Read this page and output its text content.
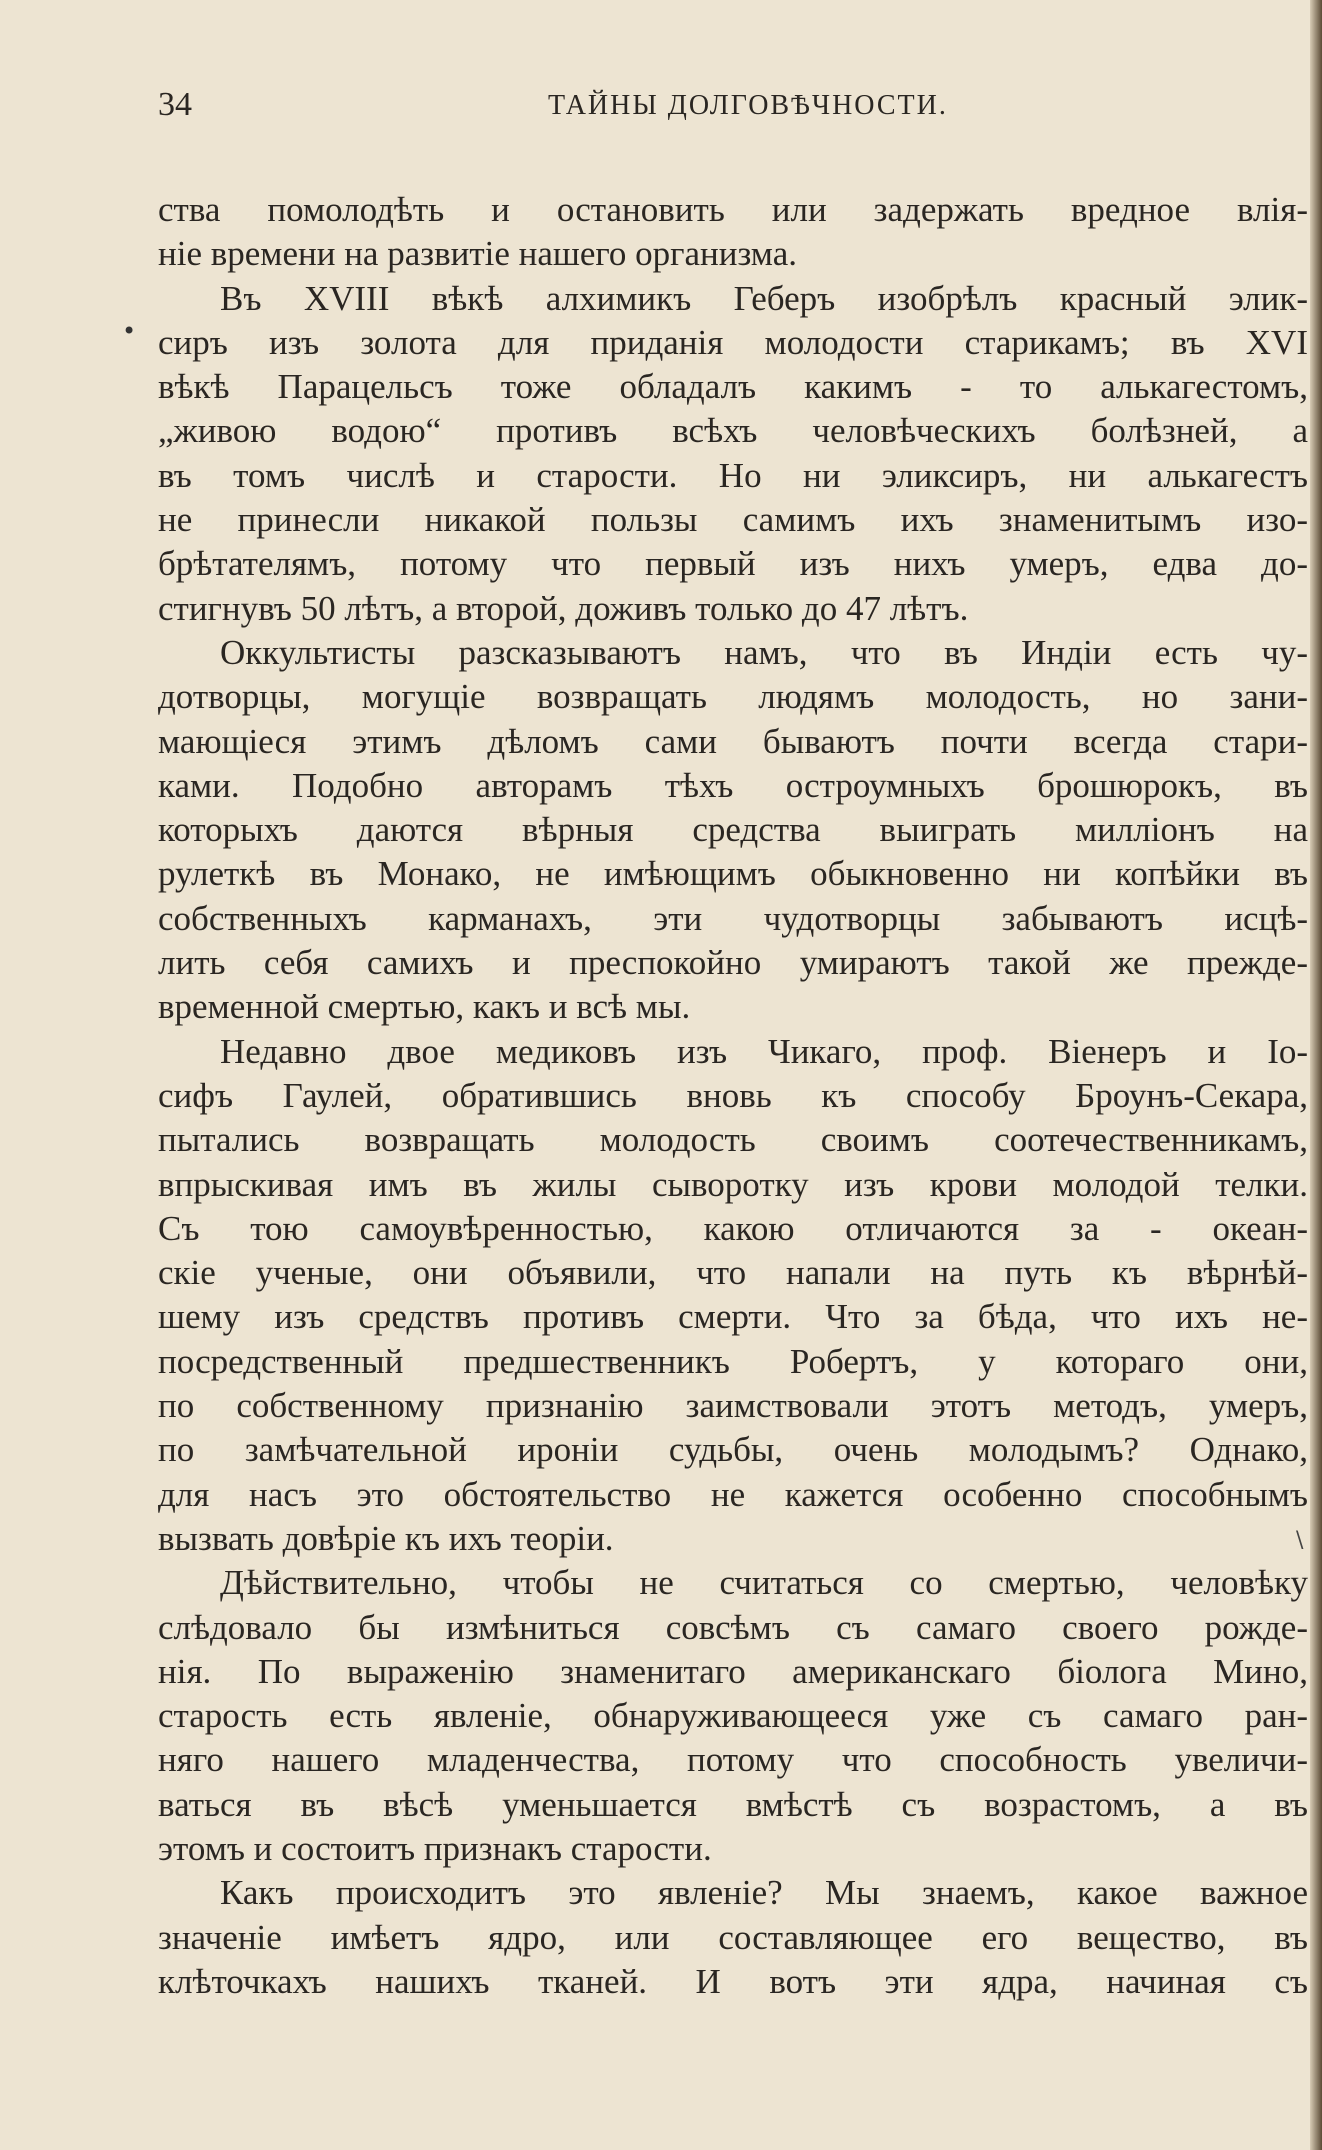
34	ТАЙНЫ ДОЛГОВѢЧНОСТИ.
•
\
ства помолодѣть и остановить или задержать вредное влія-
ніе времени на развитіе нашего организма.
Въ XVIII вѣкѣ алхимикъ Геберъ изобрѣлъ красный элик-
сиръ изъ золота для приданія молодости старикамъ; въ XVI
вѣкѣ Парацельсъ тоже обладалъ какимъ - то алькагестомъ,
„живою водою“ противъ всѣхъ человѣческихъ болѣзней, а
въ томъ числѣ и старости. Но ни эликсиръ, ни алькагестъ
не принесли никакой пользы самимъ ихъ знаменитымъ изо-
брѣтателямъ, потому что первый изъ нихъ умеръ, едва до-
стигнувъ 50 лѣтъ, а второй, доживъ только до 47 лѣтъ.
Оккультисты разсказываютъ намъ, что въ Индіи есть чу-
дотворцы, могущіе возвращать людямъ молодость, но зани-
мающіеся этимъ дѣломъ сами бываютъ почти всегда стари-
ками. Подобно авторамъ тѣхъ остроумныхъ брошюрокъ, въ
которыхъ даются вѣрныя средства выиграть милліонъ на
рулеткѣ въ Монако, не имѣющимъ обыкновенно ни копѣйки въ
собственныхъ карманахъ, эти чудотворцы забываютъ исцѣ-
лить себя самихъ и преспокойно умираютъ такой же прежде-
временной смертью, какъ и всѣ мы.
Недавно двое медиковъ изъ Чикаго, проф. Віенеръ и Іо-
сифъ Гаулей, обратившись вновь къ способу Броунъ-Секара,
пытались возвращать молодость своимъ соотечественникамъ,
впрыскивая имъ въ жилы сыворотку изъ крови молодой телки.
Съ тою самоувѣренностью, какою отличаются за - океан-
скіе ученые, они объявили, что напали на путь къ вѣрнѣй-
шему изъ средствъ противъ смерти. Что за бѣда, что ихъ не-
посредственный предшественникъ Робертъ, у котораго они,
по собственному признанію заимствовали этотъ методъ, умеръ,
по замѣчательной ироніи судьбы, очень молодымъ? Однако,
для насъ это обстоятельство не кажется особенно способнымъ
вызвать довѣріе къ ихъ теоріи.
Дѣйствительно, чтобы не считаться со смертью, человѣку
слѣдовало бы измѣниться совсѣмъ съ самаго своего рожде-
нія. По выраженію знаменитаго американскаго біолога Мино,
старость есть явленіе, обнаруживающееся уже съ самаго ран-
няго нашего младенчества, потому что способность увеличи-
ваться въ вѣсѣ уменьшается вмѣстѣ съ возрастомъ, а въ
этомъ и состоитъ признакъ старости.
Какъ происходитъ это явленіе? Мы знаемъ, какое важное
значеніе имѣетъ ядро, или составляющее его вещество, въ
клѣточкахъ нашихъ тканей. И вотъ эти ядра, начиная съ
